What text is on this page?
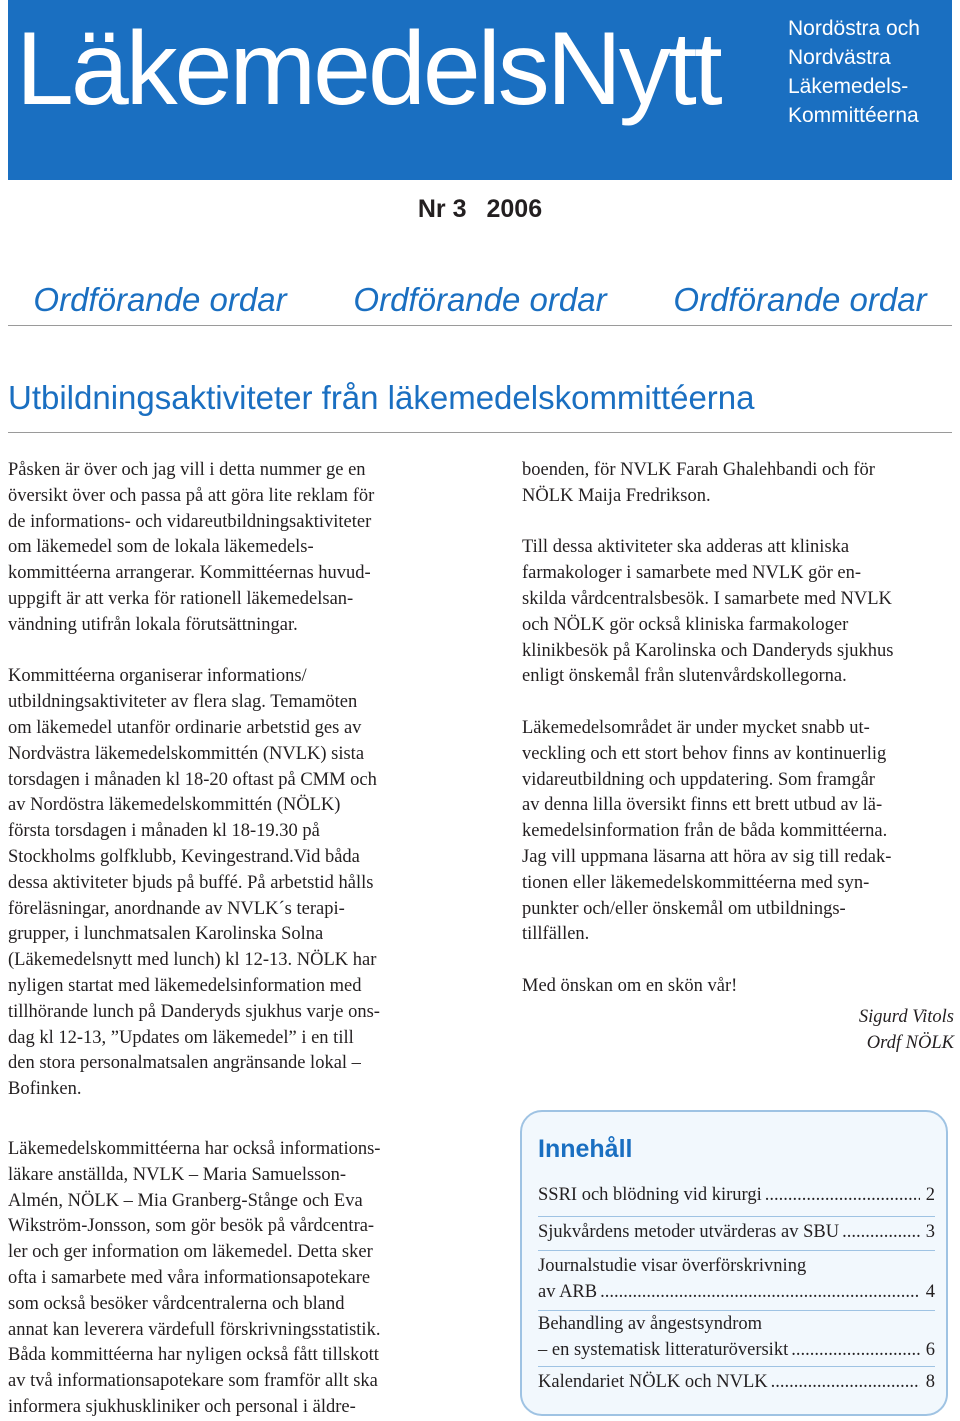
LäkemedelsNytt	Nordöstra och
Nordvästra
Läkemedels-
Kommittéerna
Nr 3 2006
Ordförande ordar Ordförande ordar Ordförande ordar
Utbildningsaktiviteter från läkemedelskommittéerna

Påsken är över och jag vill i detta nummer ge en

översikt över och passa på att göra lite reklam för

de informations- och vidareutbildningsaktiviteter

om läkemedel som de lokala läkemedels-

kommittéerna arrangerar. Kommittéernas huvud-

uppgift är att verka för rationell läkemedelsan-

vändning utifrån lokala förutsättningar.

Kommittéerna organiserar informations/

utbildningsaktiviteter av flera slag. Temamöten

om läkemedel utanför ordinarie arbetstid ges av

Nordvästra läkemedelskommittén (NVLK) sista

torsdagen i månaden kl 18-20 oftast på CMM och

av Nordöstra läkemedelskommittén (NÖLK)

första torsdagen i månaden kl 18-19.30 på

Stockholms golfklubb, Kevingestrand.Vid båda

dessa aktiviteter bjuds på buffé. På arbetstid hålls

föreläsningar, anordnande av NVLK´s terapi-

grupper, i lunchmatsalen Karolinska Solna

(Läkemedelsnytt med lunch) kl 12-13. NÖLK har

nyligen startat med läkemedelsinformation med

tillhörande lunch på Danderyds sjukhus varje ons-

dag kl 12-13, ”Updates om läkemedel” i en till

den stora personalmatsalen angränsande lokal –

Bofinken.

Läkemedelskommittéerna har också informations-

läkare anställda, NVLK – Maria Samuelsson-

Almén, NÖLK – Mia Granberg-Stånge och Eva

Wikström-Jonsson, som gör besök på vårdcentra-

ler och ger information om läkemedel. Detta sker

ofta i samarbete med våra informationsapotekare

som också besöker vårdcentralerna och bland

annat kan leverera värdefull förskrivningsstatistik.

Båda kommittéerna har nyligen också fått tillskott

av två informationsapotekare som framför allt ska

informera sjukhuskliniker och personal i äldre-

boenden, för NVLK Farah Ghalehbandi och för

NÖLK Maija Fredrikson.

Till dessa aktiviteter ska adderas att kliniska

farmakologer i samarbete med NVLK gör en-

skilda vårdcentralsbesök. I samarbete med NVLK

och NÖLK gör också kliniska farmakologer

klinikbesök på Karolinska och Danderyds sjukhus

enligt önskemål från slutenvårdskollegorna.

Läkemedelsområdet är under mycket snabb ut-

veckling och ett stort behov finns av kontinuerlig

vidareutbildning och uppdatering. Som framgår

av denna lilla översikt finns ett brett utbud av lä-

kemedelsinformation från de båda kommittéerna.

Jag vill uppmana läsarna att höra av sig till redak-

tionen eller läkemedelskommittéerna med syn-

punkter och/eller önskemål om utbildnings-

tillfällen.

Med önskan om en skön vår!

Sigurd Vitols
Ordf NÖLK
Innehåll
SSRI och blödning vid kirurgi .....	2
Sjukvårdens metoder utvärderas av SBU .....	3
Journalstudie visar överförskrivning
av ARB .....	4
Behandling av ångestsyndrom
– en systematisk litteraturöversikt .....	6
Kalendariet NÖLK och NVLK .....	8
